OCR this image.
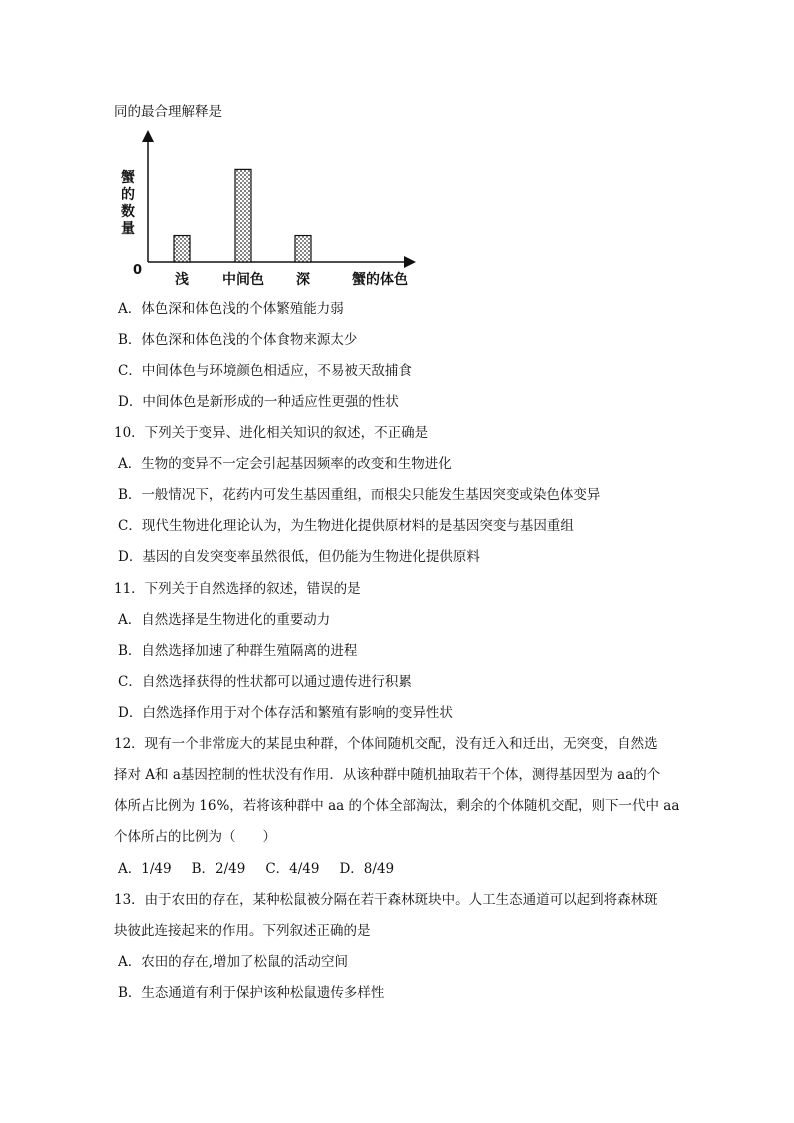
同的最合理解释是
蟹
的
数
量
0
浅 中间色 深	蟹的体色
A．体色深和体色浅的个体繁殖能力弱
B．体色深和体色浅的个体食物来源太少
C．中间体色与环境颜色相适应，不易被天敌捕食
D．中间体色是新形成的一种适应性更强的性状
10．下列关于变异、进化相关知识的叙述，不正确是
A．生物的变异不一定会引起基因频率的改变和生物进化
B．一般情况下，花药内可发生基因重组，而根尖只能发生基因突变或染色体变异
C．现代生物进化理论认为，为生物进化提供原材料的是基因突变与基因重组
D．基因的自发突变率虽然很低，但仍能为生物进化提供原料
11．下列关于自然选择的叙述，错误的是
A．自然选择是生物进化的重要动力
B．自然选择加速了种群生殖隔离的进程
C．自然选择获得的性状都可以通过遗传进行积累
D．白然选择作用于对个体存活和繁殖有影响的变异性状
12．现有一个非常庞大的某昆虫种群，个体间随机交配，没有迁入和迁出，无突变，自然选
择对 A和 a基因控制的性状没有作用．从该种群中随机抽取若干个体，测得基因型为 aa的个
体所占比例为 16%，若将该种群中 aa 的个体全部淘汰，剩余的个体随机交配，则下一代中 aa
个体所占的比例为（　　）
A．1/49 B．2/49 C．4/49 D．8/49
13．由于农田的存在，某种松鼠被分隔在若干森林斑块中。人工生态通道可以起到将森林斑
块彼此连接起来的作用。下列叙述正确的是
A．农田的存在,增加了松鼠的活动空间
B．生态通道有利于保护该种松鼠遗传多样性
